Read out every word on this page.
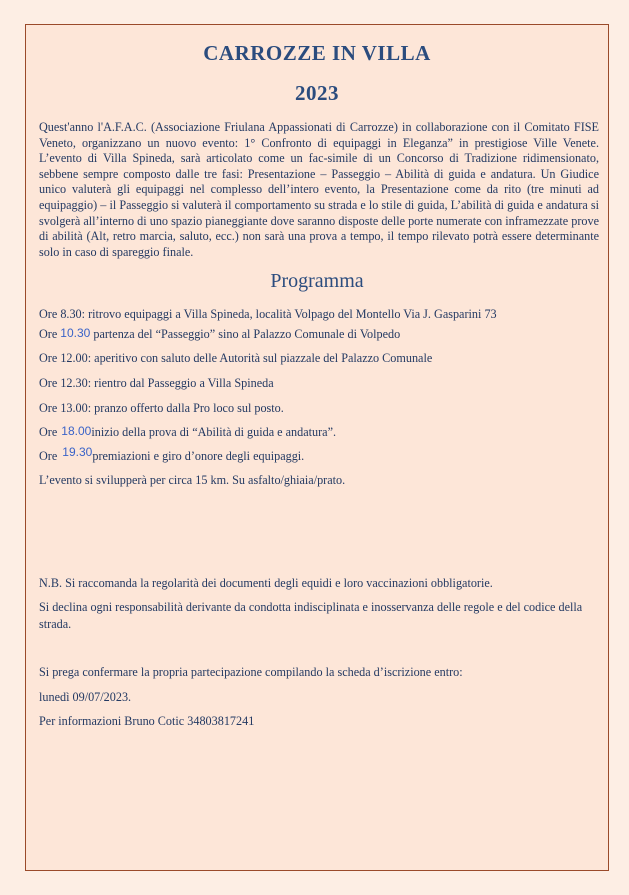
CARROZZE IN VILLA
2023

Quest'anno l'A.F.A.C. (Associazione Friulana Appassionati di Carrozze) in collaborazione con il Comitato FISE Veneto, organizzano un nuovo evento: 1° Confronto di equipaggi in Eleganza” in prestigiose Ville Venete. L’evento di Villa Spineda, sarà articolato come un fac-simile di un Concorso di Tradizione ridimensionato, sebbene sempre composto dalle tre fasi: Presentazione – Passeggio – Abilità di guida e andatura. Un Giudice unico valuterà gli equipaggi nel complesso dell’intero evento, la Presentazione come da rito (tre minuti ad equipaggio) – il Passeggio si valuterà il comportamento su strada e lo stile di guida, L’abilità di guida e andatura si svolgerà all’interno di uno spazio pianeggiante dove saranno disposte delle porte numerate con inframezzate prove di abilità (Alt, retro marcia, saluto, ecc.) non sarà una prova a tempo, il tempo rilevato potrà essere determinante solo in caso di spareggio finale.

Programma
Ore 8.30: ritrovo equipaggi a Villa Spineda, località Volpago del Montello Via J. Gasparini 73
Ore 10.30 partenza del “Passeggio” sino al Palazzo Comunale di Volpedo
Ore 12.00: aperitivo con saluto delle Autorità sul piazzale del Palazzo Comunale
Ore 12.30: rientro dal Passeggio a Villa Spineda
Ore 13.00: pranzo offerto dalla Pro loco sul posto.
Ore 18.00 inizio della prova di “Abilità di guida e andatura”.
Ore 19.30 premiazioni e giro d’onore degli equipaggi.
L’evento si svilupperà per circa 15 km. Su asfalto/ghiaia/prato.

N.B. Si raccomanda la regolarità dei documenti degli equidi e loro vaccinazioni obbligatorie.

Si declina ogni responsabilità derivante da condotta indisciplinata e inosservanza delle regole e del codice della strada.

Si prega confermare la propria partecipazione compilando la scheda d’iscrizione entro:

lunedì 09/07/2023.

Per informazioni Bruno Cotic 34803817241
